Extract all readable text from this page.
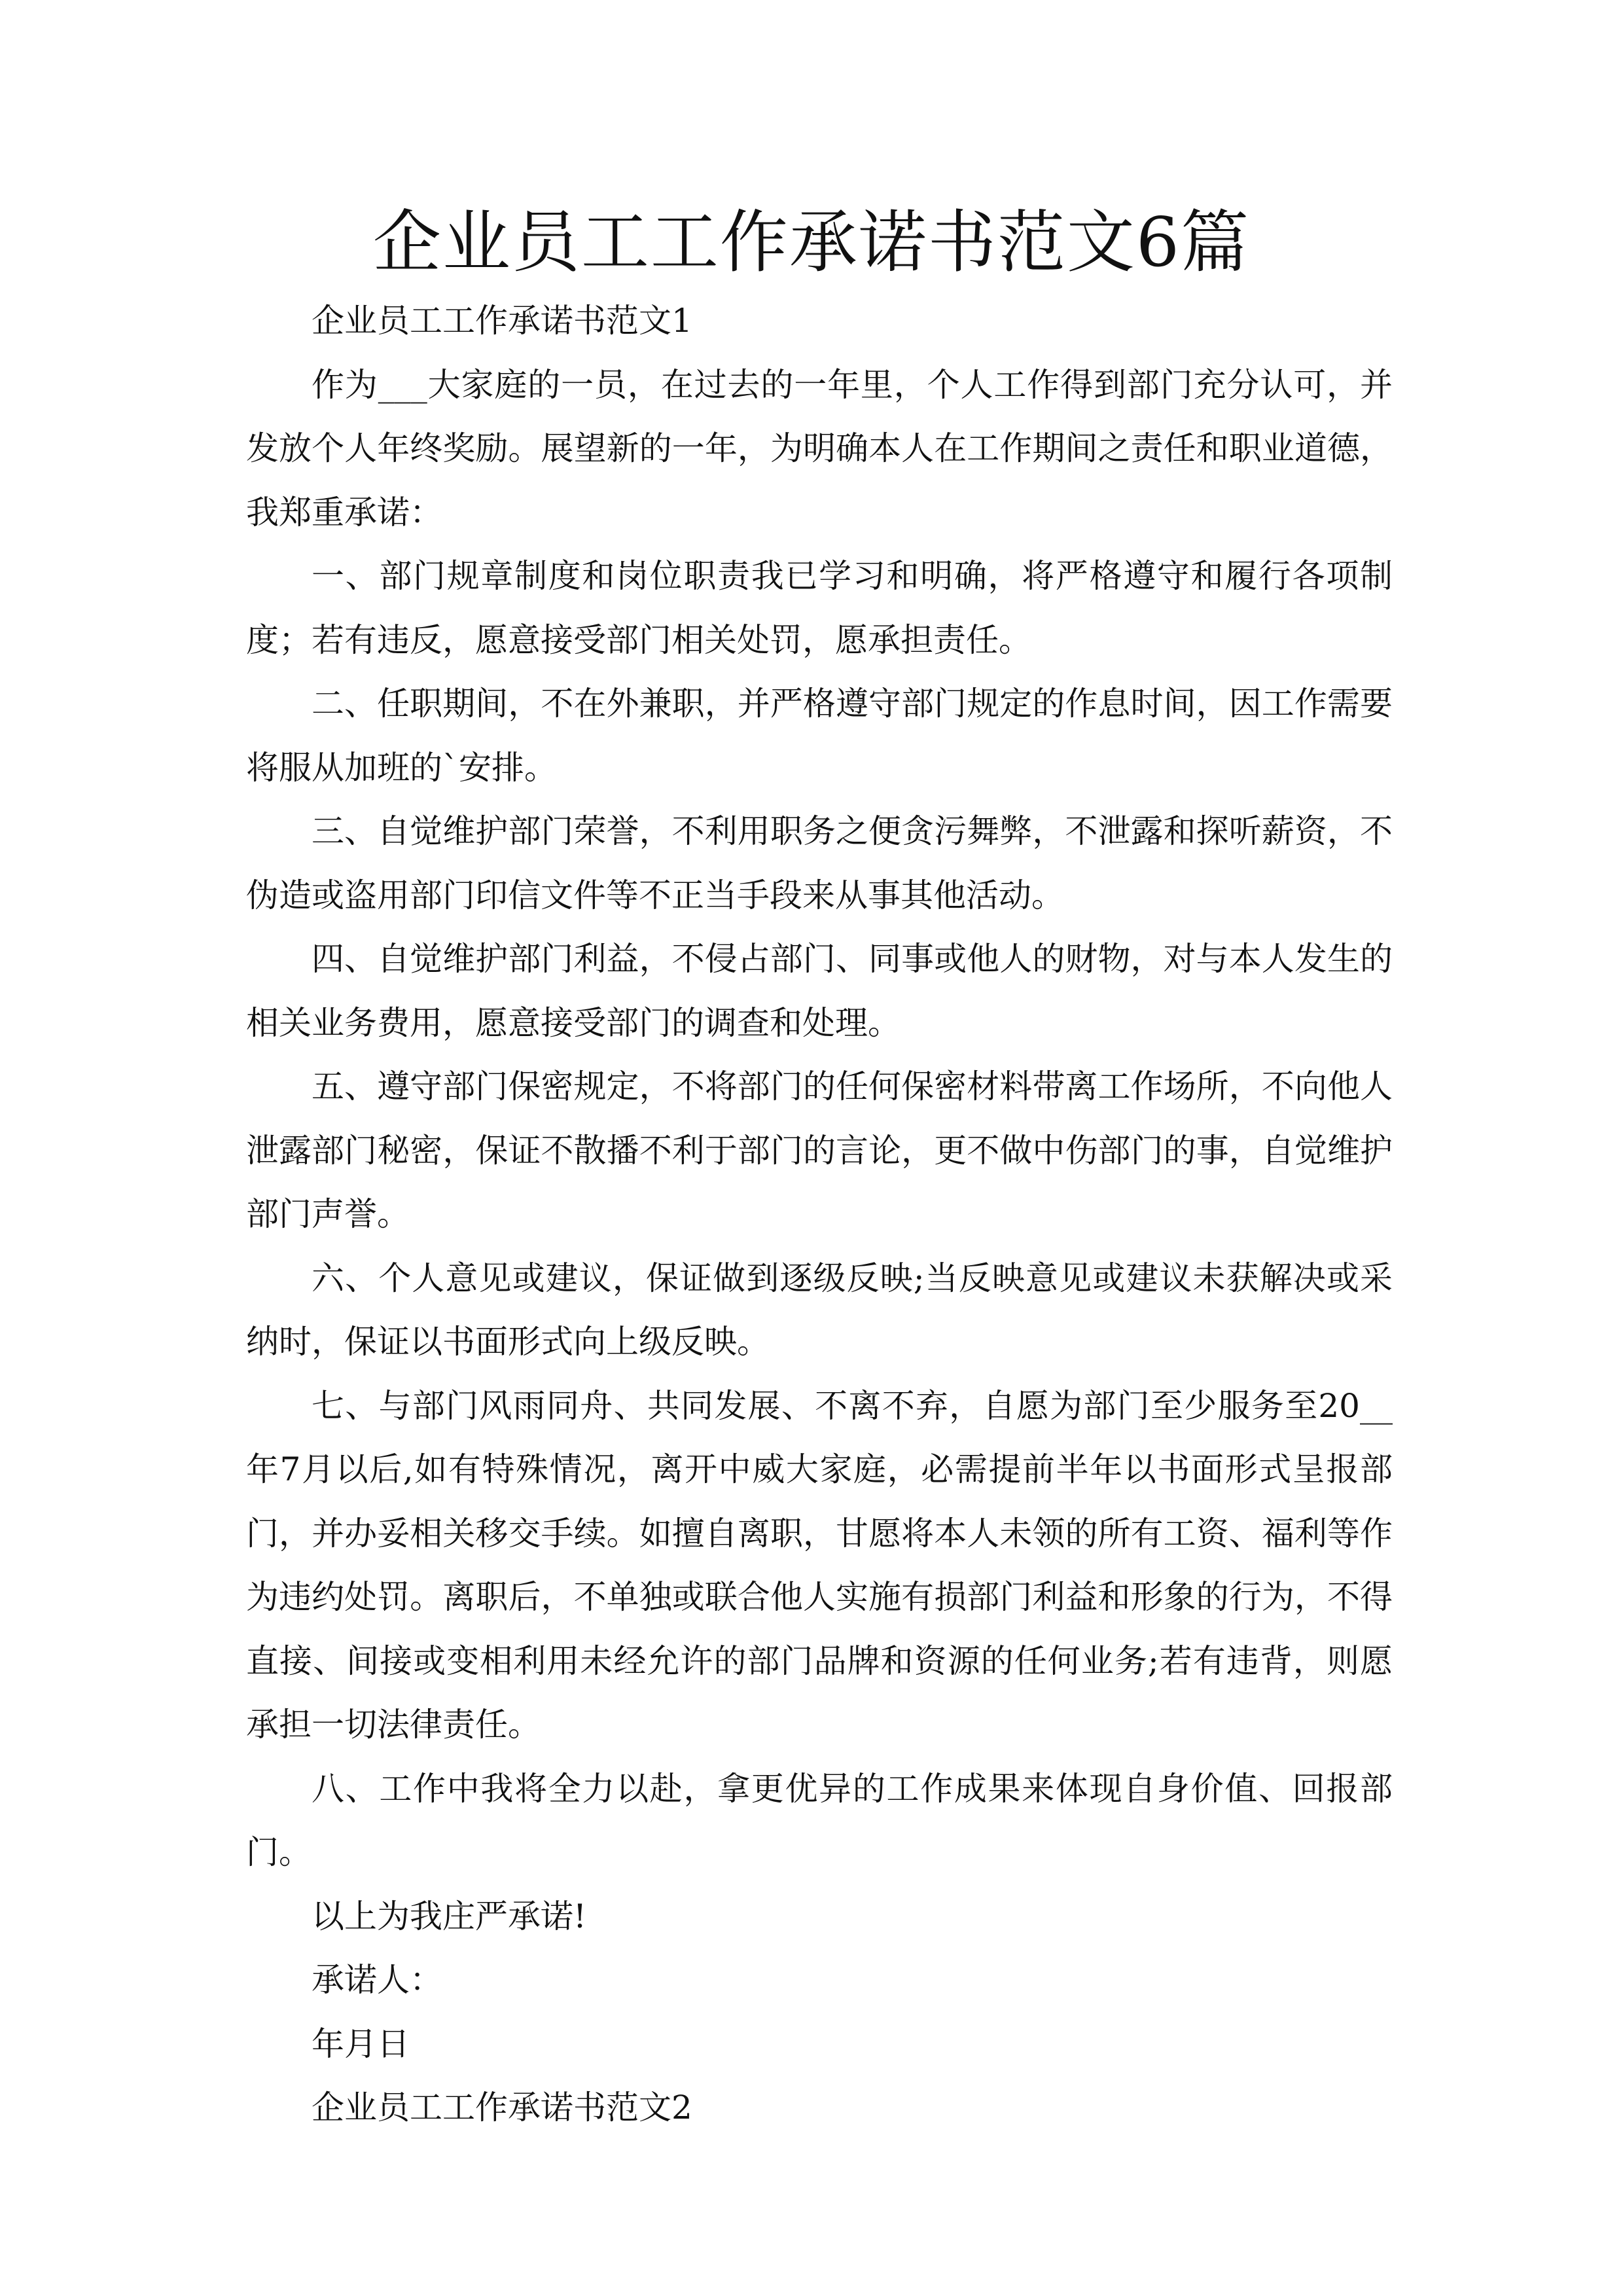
企业员工工作承诺书范文6篇

企业员工工作承诺书范文1

作为___大家庭的一员，在过去的一年里，个人工作得到部门充分认可，并发放个人年终奖励。展望新的一年，为明确本人在工作期间之责任和职业道德，我郑重承诺：

一、部门规章制度和岗位职责我已学习和明确，将严格遵守和履行各项制度；若有违反，愿意接受部门相关处罚，愿承担责任。

二、任职期间，不在外兼职，并严格遵守部门规定的作息时间，因工作需要将服从加班的`安排。

三、自觉维护部门荣誉，不利用职务之便贪污舞弊，不泄露和探听薪资，不伪造或盗用部门印信文件等不正当手段来从事其他活动。

四、自觉维护部门利益，不侵占部门、同事或他人的财物，对与本人发生的相关业务费用，愿意接受部门的调查和处理。

五、遵守部门保密规定，不将部门的任何保密材料带离工作场所，不向他人泄露部门秘密，保证不散播不利于部门的言论，更不做中伤部门的事，自觉维护部门声誉。

六、个人意见或建议，保证做到逐级反映;当反映意见或建议未获解决或采纳时，保证以书面形式向上级反映。

七、与部门风雨同舟、共同发展、不离不弃，自愿为部门至少服务至20__年7月以后,如有特殊情况，离开中威大家庭，必需提前半年以书面形式呈报部门，并办妥相关移交手续。如擅自离职，甘愿将本人未领的所有工资、福利等作为违约处罚。离职后，不单独或联合他人实施有损部门利益和形象的行为，不得直接、间接或变相利用未经允许的部门品牌和资源的任何业务;若有违背，则愿承担一切法律责任。

八、工作中我将全力以赴，拿更优异的工作成果来体现自身价值、回报部门。

以上为我庄严承诺!

承诺人：

年月日

企业员工工作承诺书范文2
